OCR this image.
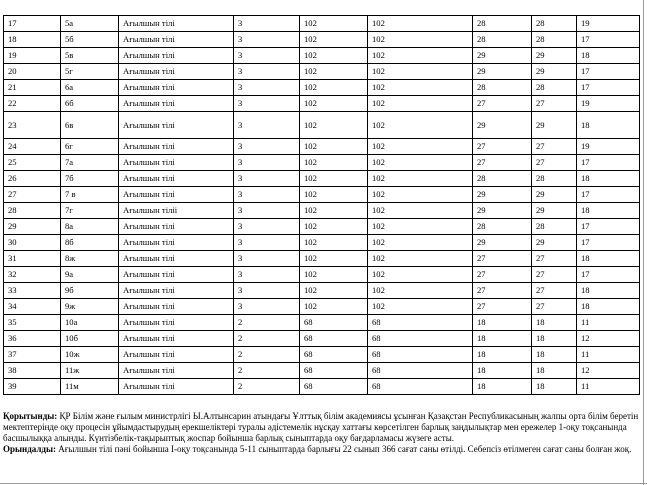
17	5а	Ағылшын тілі	3	102	102	28	28	19
18	5б	Ағылшын тілі	3	102	102	28	28	17
19	5в	Ағылшын тілі	3	102	102	29	29	18
20	5г	Ағылшын тілі	3	102	102	29	29	17
21	6а	Ағылшын тілі	3	102	102	28	28	17
22	6б	Ағылшын тілі	3	102	102	27	27	19
23	6в	Ағылшын тілі	3	102	102	29	29	18
24	6г	Ағылшын тілі	3	102	102	27	27	19
25	7а	Ағылшын тілі	3	102	102	27	27	17
26	7б	Ағылшын тілі	3	102	102	28	28	18
27	7 в	Ағылшын тілі	3	102	102	29	29	17
28	7г	Ағылшын тілii	3	102	102	29	29	18
29	8а	Ағылшын тілі	3	102	102	28	28	17
30	8б	Ағылшын тілі	3	102	102	29	29	17
31	8ж	Ағылшын тілі	3	102	102	27	27	18
32	9а	Ағылшын тілі	3	102	102	27	27	17
33	9б	Ағылшын тілі	3	102	102	27	27	18
34	9ж	Ағылшын тілі	3	102	102	27	27	18
35	10а	Ағылшын тілі	2	68	68	18	18	11
36	10б	Ағылшын тілі	2	68	68	18	18	12
37	10ж	Ағылшын тілі	2	68	68	18	18	11
38	11ж	Ағылшын тілі	2	68	68	18	18	12
39	11м	Ағылшын тілі	2	68	68	18	18	11

Қорытынды: ҚР Білім және ғылым министрлігі Ы.Алтынсарин атындағы Ұлттық білім академиясы ұсынған Қазақстан Республикасының жалпы орта білім беретін мектептерінде оқу процесін ұйымдастырудың ерекшеліктері туралы әдістемелік нұсқау хаттағы көрсетілген барлық заңдылықтар мен ережелер 1-оқу тоқсанында басшылыққа алынды. Күнтізбелік-тақырыптық жоспар бойынша барлық сыныптарда оқу бағдарламасы жүзеге асты.

Орындалды: Ағылшын тілі пәні бойынша І-оқу тоқсанында 5-11 сыныптарда барлығы 22 сынып 366 сағат саны өтілді. Себепсіз өтілмеген сағат саны болған жоқ.
